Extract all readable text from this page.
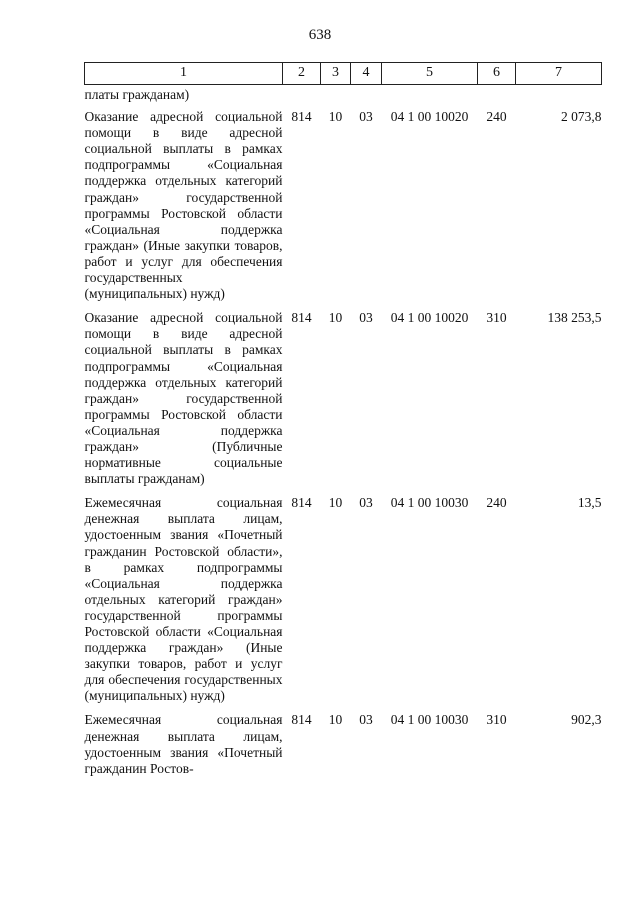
638
1	2	3	4	5	6	7
платы гражданам)						
Оказание адресной социальной помощи в виде адресной социальной выплаты в рамках подпрограммы «Социальная поддержка отдельных категорий граждан» государственной программы Ростовской области «Социальная поддержка граждан» (Иные закупки товаров, работ и услуг для обеспечения государственных (муниципальных) нужд)	814	10	03	04 1 00 10020	240	2 073,8
Оказание адресной социальной помощи в виде адресной социальной выплаты в рамках подпрограммы «Социальная поддержка отдельных категорий граждан» государственной программы Ростовской области «Социальная поддержка граждан» (Публичные нормативные социальные выплаты гражданам)	814	10	03	04 1 00 10020	310	138 253,5
Ежемесячная социальная денежная выплата лицам, удостоенным звания «Почетный гражданин Ростовской области», в рамках подпрограммы «Социальная поддержка отдельных категорий граждан» государственной программы Ростовской области «Социальная поддержка граждан» (Иные закупки товаров, работ и услуг для обеспечения государственных (муниципальных) нужд)	814	10	03	04 1 00 10030	240	13,5
Ежемесячная социальная денежная выплата лицам, удостоенным звания «Почетный гражданин Ростов-	814	10	03	04 1 00 10030	310	902,3
